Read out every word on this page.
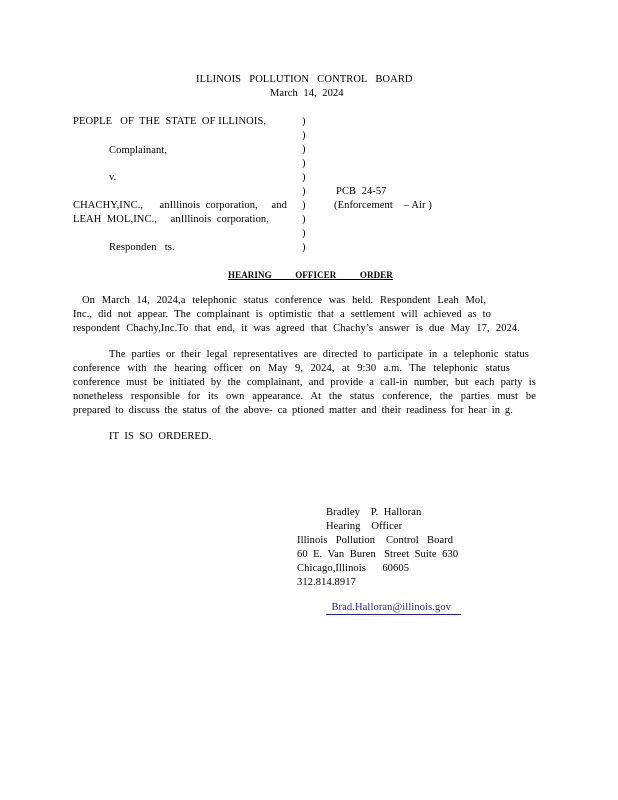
ILLINOIS   POLLUTION   CONTROL   BOARD
March  14,  2024
PEOPLE   OF  THE  STATE  OF ILLINOIS,
Complainant,
v.
CHACHY,INC.,      anIllinois  corporation,     and
LEAH  MOL,INC.,     anIllinois  corporation,
Responden   ts.
)
)
)
)
)
)
)
)
)
)
PCB  24-57
(Enforcement    – Air )
HEARING          OFFICER          ORDER
On March 14, 2024,a telephonic status conference was held. Respondent Leah Mol,
Inc., did not appear. The complainant is optimistic that a settlement will achieved as to
respondent Chachy,Inc.To that end, it was agreed that Chachy’s answer is due May 17, 2024.
The parties or their legal representatives are directed to participate in a telephonic status
conference with the hearing officer on May 9, 2024, at 9:30 a.m. The telephonic status
conference must be initiated by the complainant, and provide a call-in number, but each party is
nonetheless responsible for its own appearance. At the status conference, the parties must be
prepared to discuss the status of the above- ca ptioned matter and their readiness for hear in g.
IT  IS  SO  ORDERED.
Bradley    P.  Halloran
Hearing    Officer
Illinois   Pollution    Control   Board
60  E.  Van  Buren   Street  Suite  630
Chicago,Illinois      60605
312.814.8917

Brad.Halloran@illinois.gov
